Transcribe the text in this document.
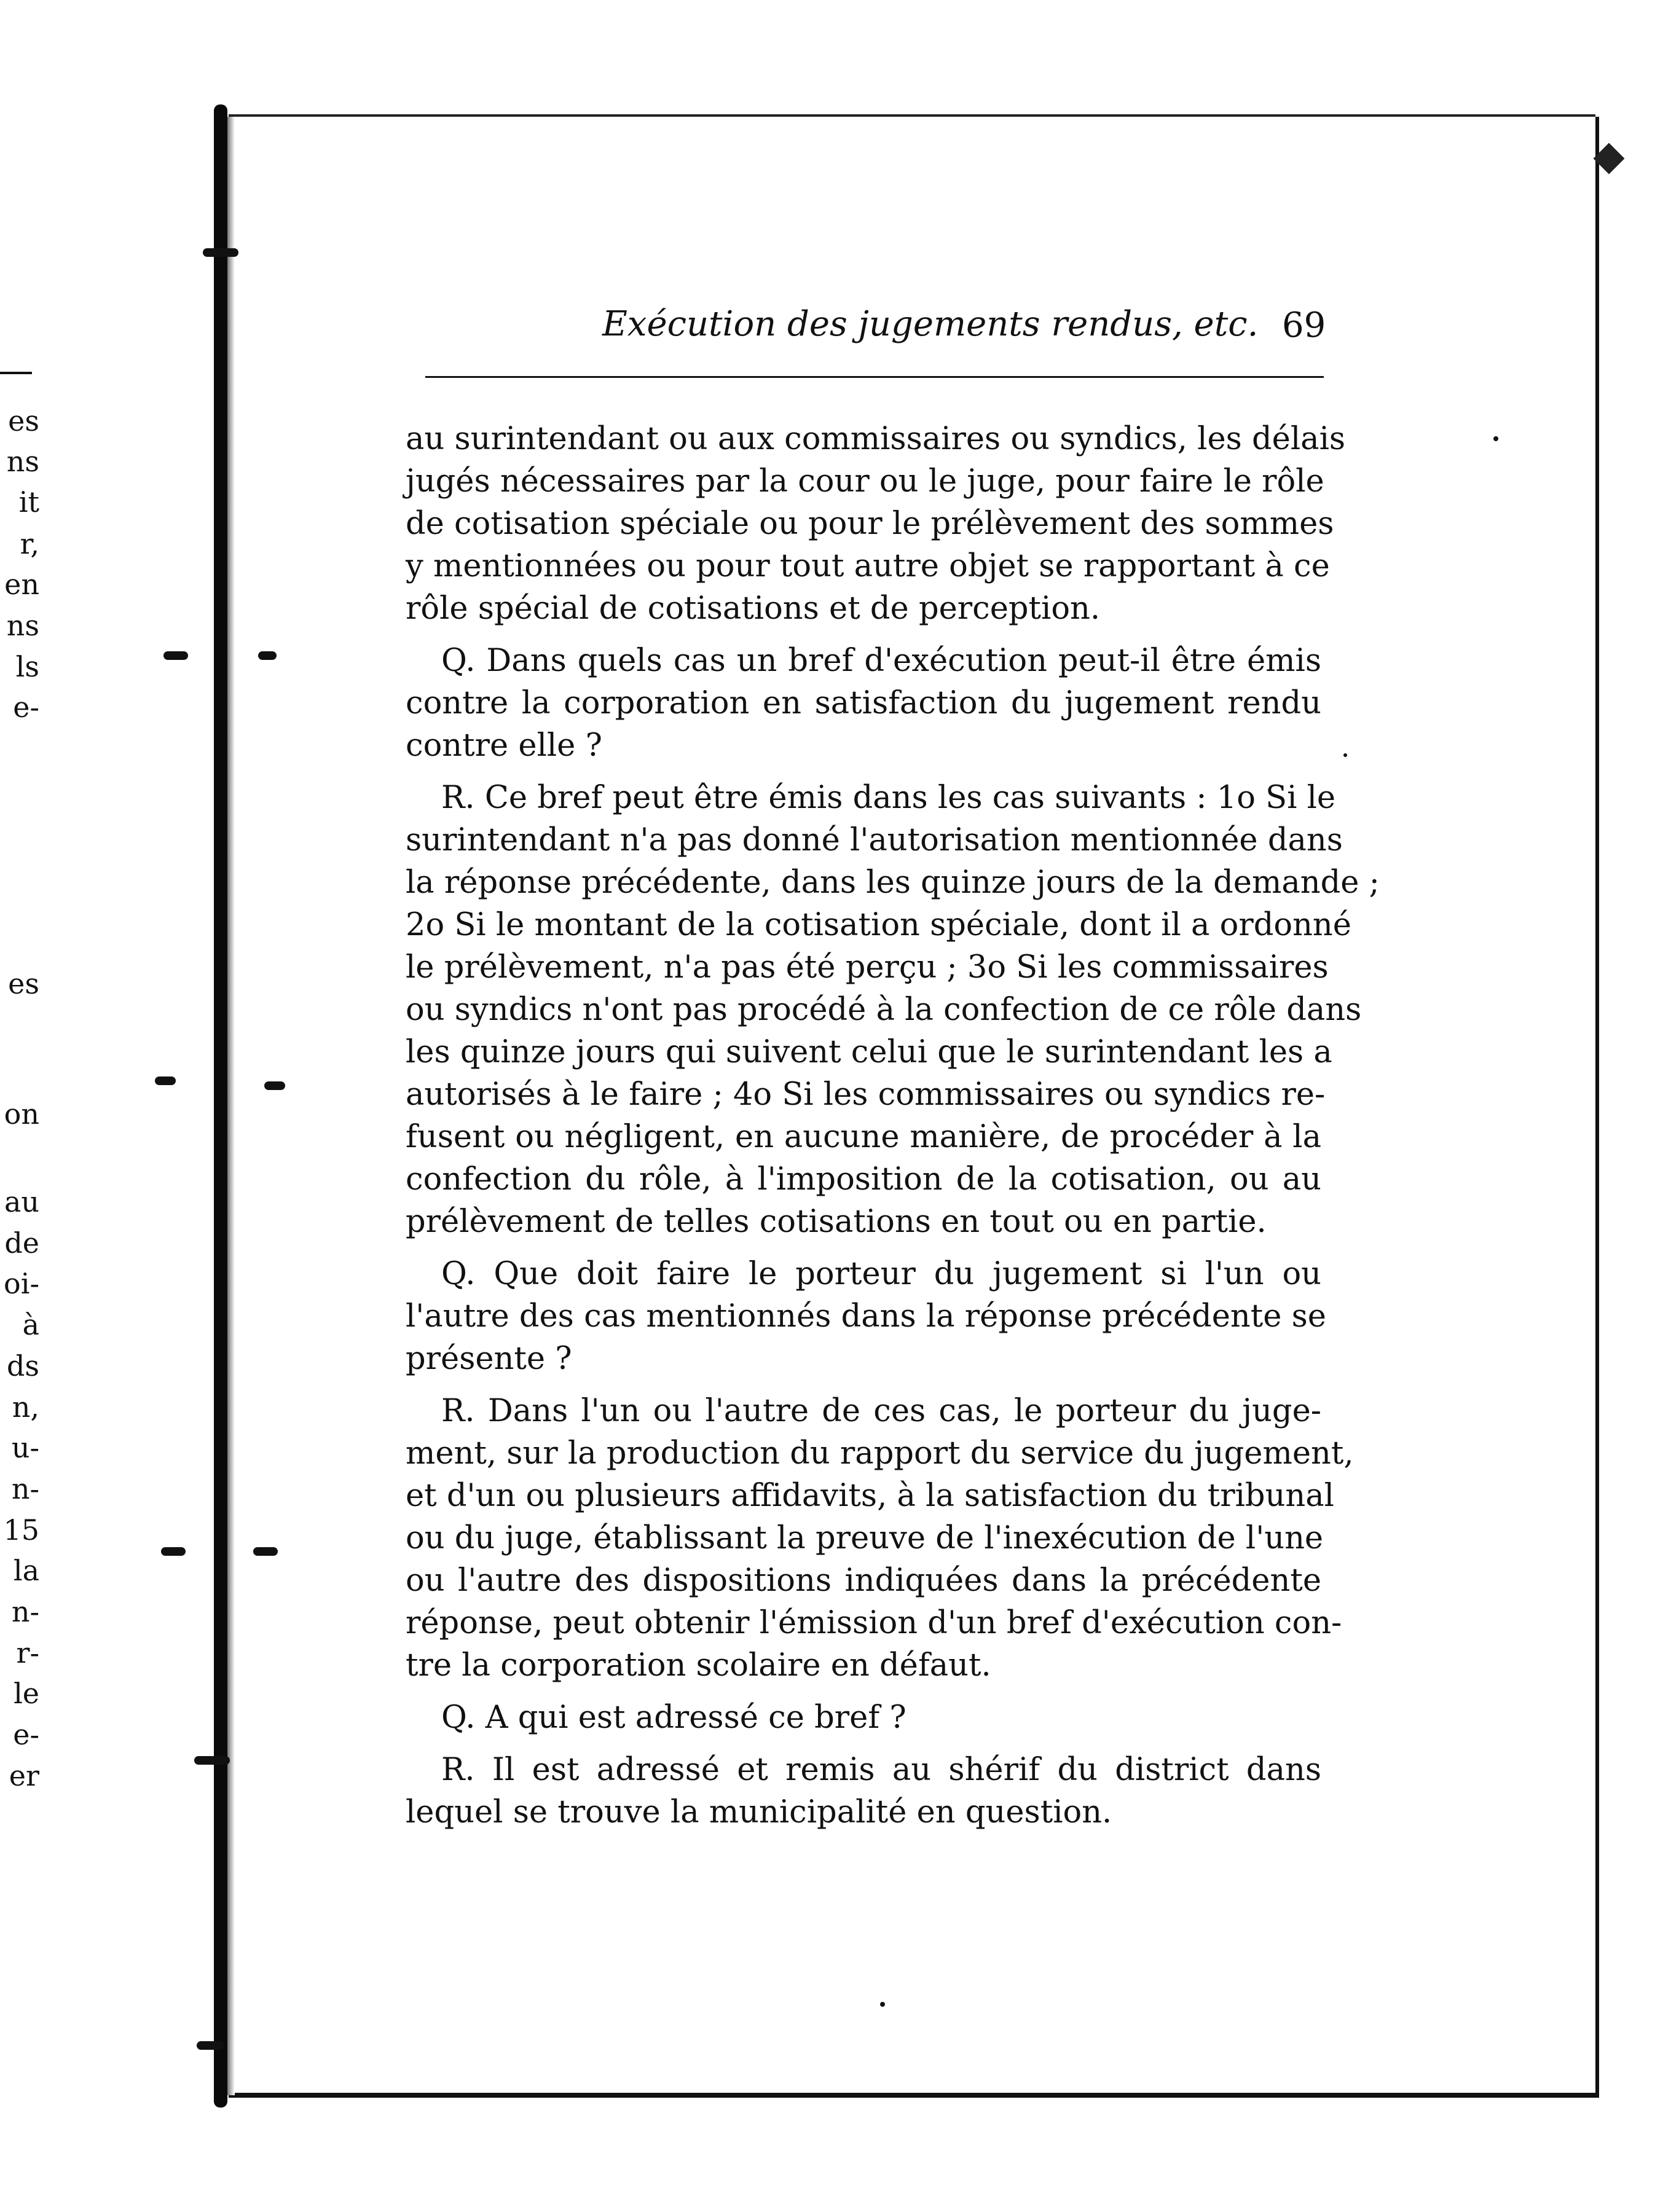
es
ns
it
r,
en
ns
ls
e-
es
on
au
de
oi-
à
ds
n,
u-
n-
15
la
n-
r-
le
e-
er
Exécution des jugements rendus, etc. 69
au surintendant ou aux commissaires ou syndics, les délais
jugés nécessaires par la cour ou le juge, pour faire le rôle
de cotisation spéciale ou pour le prélèvement des sommes
y mentionnées ou pour tout autre objet se rapportant à ce
rôle spécial de cotisations et de perception.
Q. Dans quels cas un bref d'exécution peut-il être émis
contre la corporation en satisfaction du jugement rendu
contre elle ?
R. Ce bref peut être émis dans les cas suivants : 1o Si le
surintendant n'a pas donné l'autorisation mentionnée dans
la réponse précédente, dans les quinze jours de la demande ;
2o Si le montant de la cotisation spéciale, dont il a ordonné
le prélèvement, n'a pas été perçu ; 3o Si les commissaires
ou syndics n'ont pas procédé à la confection de ce rôle dans
les quinze jours qui suivent celui que le surintendant les a
autorisés à le faire ; 4o Si les commissaires ou syndics re-
fusent ou négligent, en aucune manière, de procéder à la
confection du rôle, à l'imposition de la cotisation, ou au
prélèvement de telles cotisations en tout ou en partie.
Q. Que doit faire le porteur du jugement si l'un ou
l'autre des cas mentionnés dans la réponse précédente se
présente ?
R. Dans l'un ou l'autre de ces cas, le porteur du juge-
ment, sur la production du rapport du service du jugement,
et d'un ou plusieurs affidavits, à la satisfaction du tribunal
ou du juge, établissant la preuve de l'inexécution de l'une
ou l'autre des dispositions indiquées dans la précédente
réponse, peut obtenir l'émission d'un bref d'exécution con-
tre la corporation scolaire en défaut.
Q. A qui est adressé ce bref ?
R. Il est adressé et remis au shérif du district dans
lequel se trouve la municipalité en question.
